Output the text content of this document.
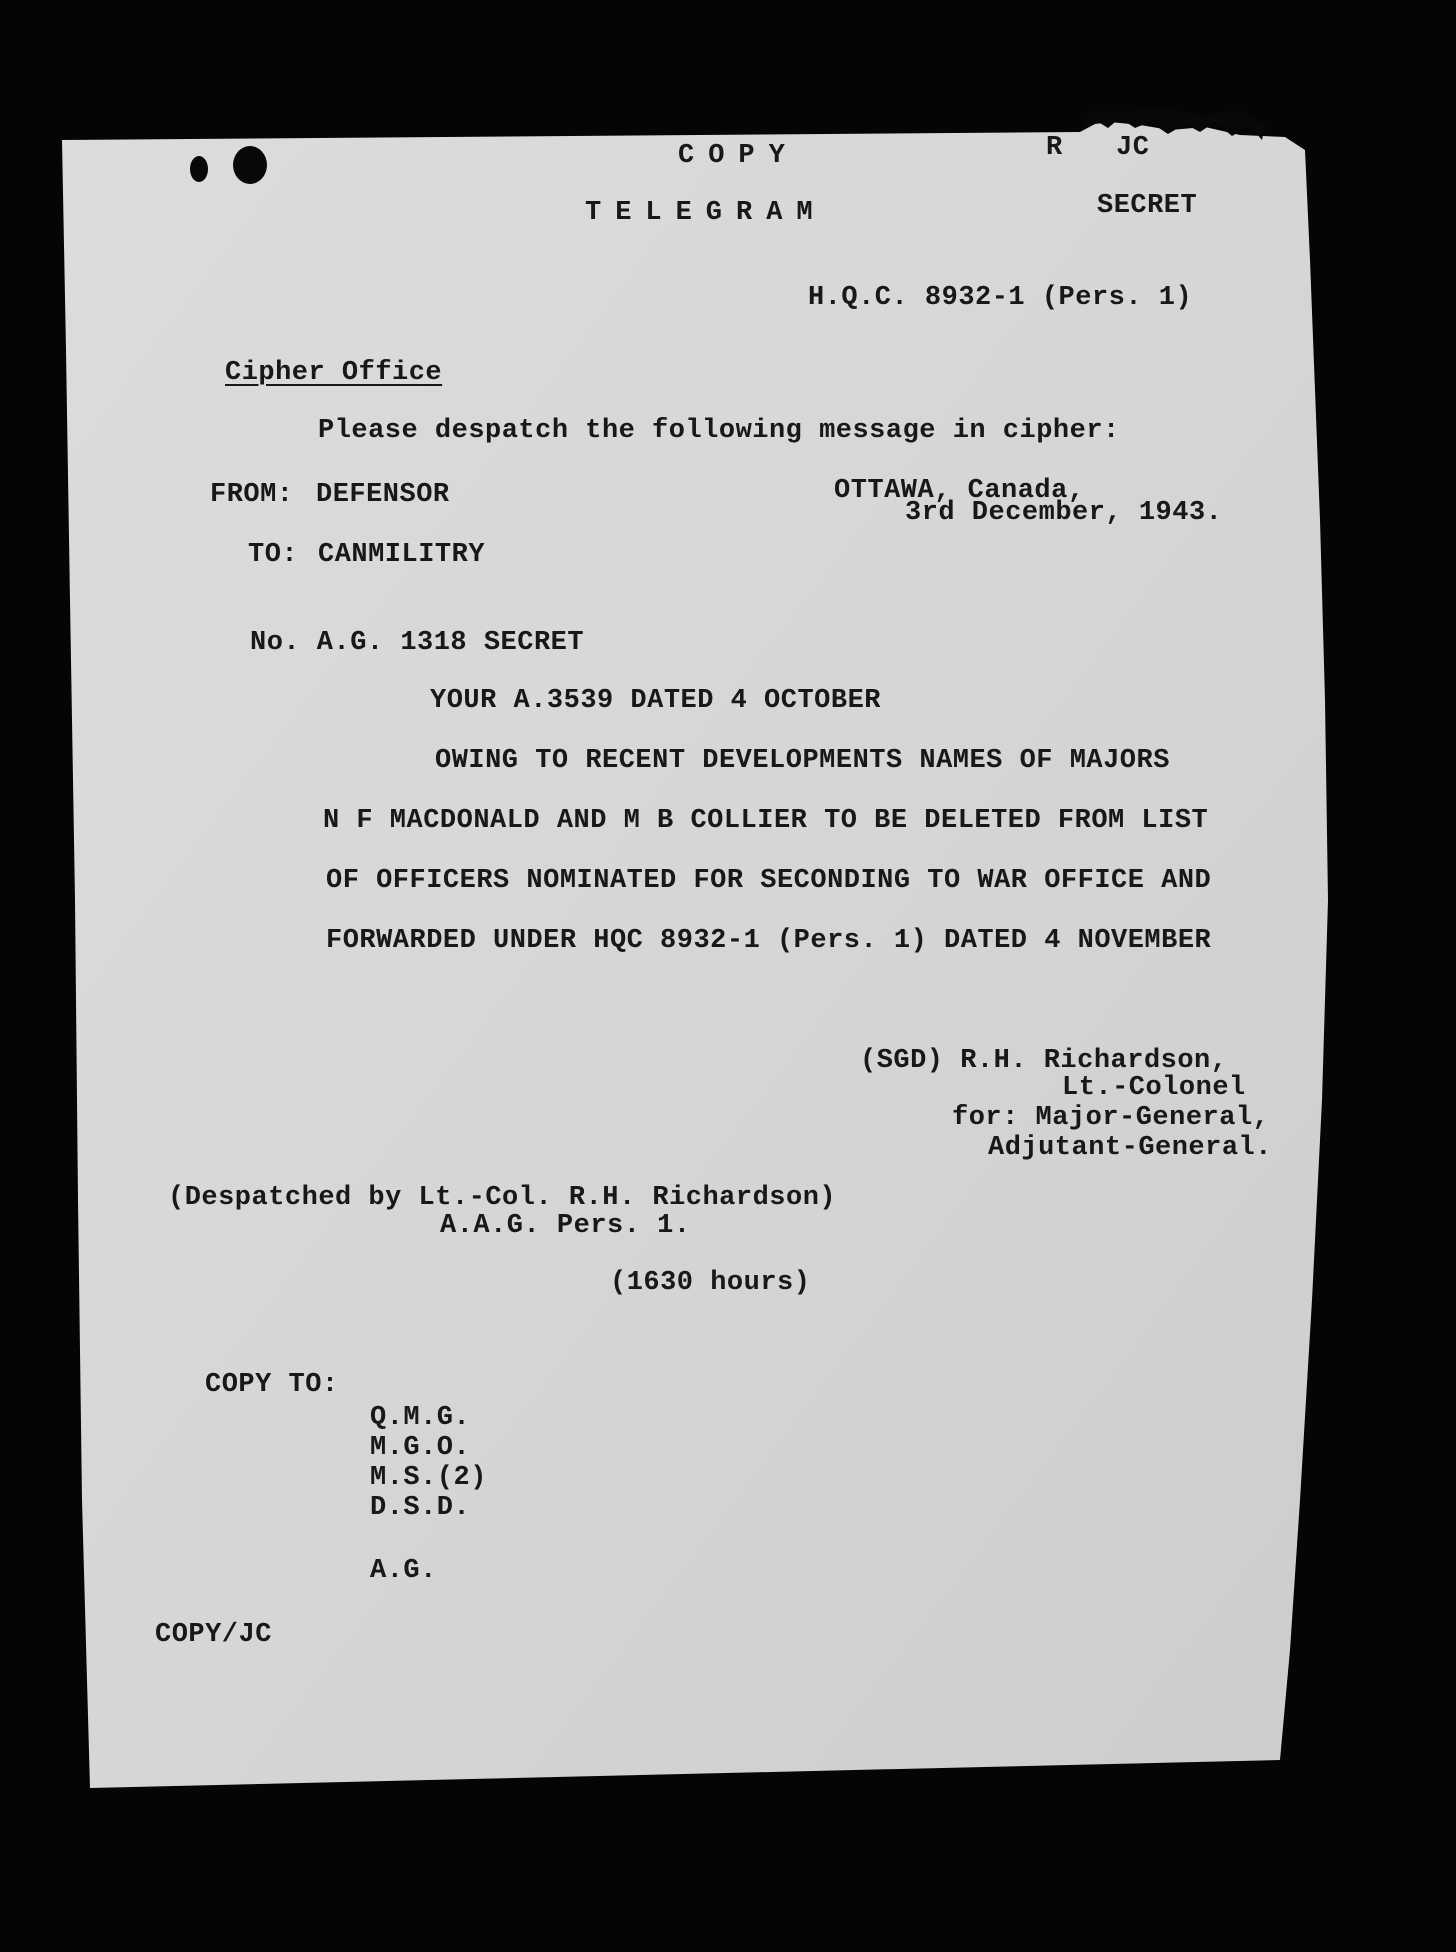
COPY	R JC
TELEGRAM	SECRET
H.Q.C. 8932-1 (Pers. 1)
Cipher Office
Please despatch the following message in cipher:
FROM: DEFENSOR	OTTAWA, Canada,
3rd December, 1943.
TO: CANMILITRY
No. A.G. 1318 SECRET
YOUR A.3539 DATED 4 OCTOBER
OWING TO RECENT DEVELOPMENTS NAMES OF MAJORS
N F MACDONALD AND M B COLLIER TO BE DELETED FROM LIST
OF OFFICERS NOMINATED FOR SECONDING TO WAR OFFICE AND
FORWARDED UNDER HQC 8932-1 (Pers. 1) DATED 4 NOVEMBER
(SGD) R.H. Richardson,
Lt.-Colonel
for: Major-General,
Adjutant-General.
(Despatched by Lt.-Col. R.H. Richardson)
A.A.G. Pers. 1.
(1630 hours)
COPY TO:
Q.M.G.
M.G.O.
M.S.(2)
D.S.D.
A.G.
COPY/JC
